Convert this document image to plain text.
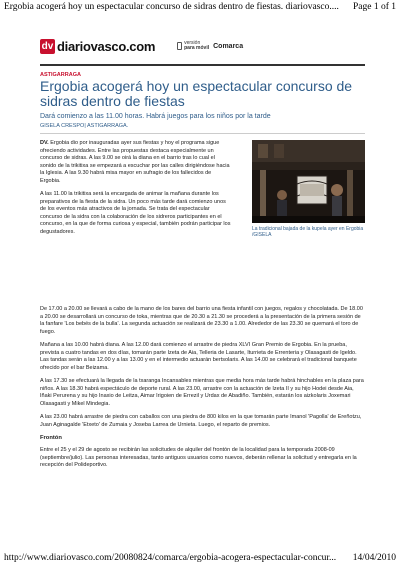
Ergobia acogerá hoy un espectacular concurso de sidras dentro de fiestas. diariovasco.... Page 1 of 1
dv diariovasco.com	versión
para móvil Comarca
ASTIGARRAGA
Ergobia acogerá hoy un espectacular concurso de sidras dentro de fiestas
Dará comienzo a las 11.00 horas. Habrá juegos para los niños por la tarde
GISELA CRESPO| ASTIGARRAGA.

DV. Ergobia dio por inauguradas ayer sus fiestas y hoy el programa sigue ofreciendo actividades. Entre las propuestas destaca especialmente un concurso de sidras. A las 9.00 se oirá la diana en el barrio tras lo cual el sonido de la trikitixa se empezará a escuchar por las calles dirigiéndose hacia la Iglesia. A las 9.30 habrá misa mayor en sufragio de los fallecidos de Ergobia.

A las 11.00 la trikitixa será la encargada de animar la mañana durante los preparativos de la fiesta de la sidra. Un poco más tarde dará comienzo unos de los eventos más atractivos de la jornada. Se trata del espectacular concurso de la sidra con la colaboración de los sidreros participantes en el concurso, en la que de forma curiosa y especial, también podrán participar los degustadores.	La tradicional bajada de la kupela ayer en Ergobia /GISELA

De 17.00 a 20.00 se llevará a cabo de la mano de los bares del barrio una fiesta infantil con juegos, regalos y chocolatada. De 18.00 a 20.00 se desarrollará un concurso de toka, mientras que de 20.30 a 21.30 se procederá a la presentación de la primera sesión de la fanfare 'Los bebés de la bulla'. La segunda actuación se realizará de 23.30 a 1.00. Alrededor de las 23.30 se quemará el toro de fuego.

Mañana a las 10.00 habrá diana. A las 12.00 dará comienzo el arrastre de piedra XLVI Gran Premio de Ergobia. En la prueba, prevista a cuatro tandas en dos días, tomarán parte Izeta de Aia, Telleria de Lasarte, Iturrieta de Errenteria y Olasagasti de Igeldo. Las tandas serán a las 12.00 y a las 13.00 y en el intermedio actuarán bertsolaris. A las 14.00 se celebrará el tradicional banquete ofrecido por el bar Beizama.

A las 17.30 se efectuará la llegada de la txaranga Incansables mientras que media hora más tarde habrá hinchables en la plaza para niños. A las 18.30 habrá espectáculo de deporte rural. A las 23.00, arrastre con la actuación de Izeta II y su hijo Hodei desde Aia, Iñaki Perurena y su hijo Inaxio de Leitza, Aimar Irigoien de Errezil y Urdax de Abadiño. También, estarán los aizkolaris Joxemari Olasagasti y Mikel Mindegia.

A las 23.00 habrá arrastre de piedra con caballos con una piedra de 800 kilos en la que tomarán parte Imanol 'Pagolla' de Ereñotzu, Juan Aginagalde 'Etxeto' de Zumaia y Joseba Larrea de Urnieta. Luego, el reparto de premios.

Frontón

Entre el 25 y el 29 de agosto se recibirán las solicitudes de alquiler del frontón de la localidad para la temporada 2008-09 (septiembre/julio). Las personas interesadas, tanto antiguos usuarios como nuevos, deberán rellenar la solicitud y entregarla en la recepción del Polideportivo.

http://www.diariovasco.com/20080824/comarca/ergobia-acogera-espectacular-concur... 14/04/2010
